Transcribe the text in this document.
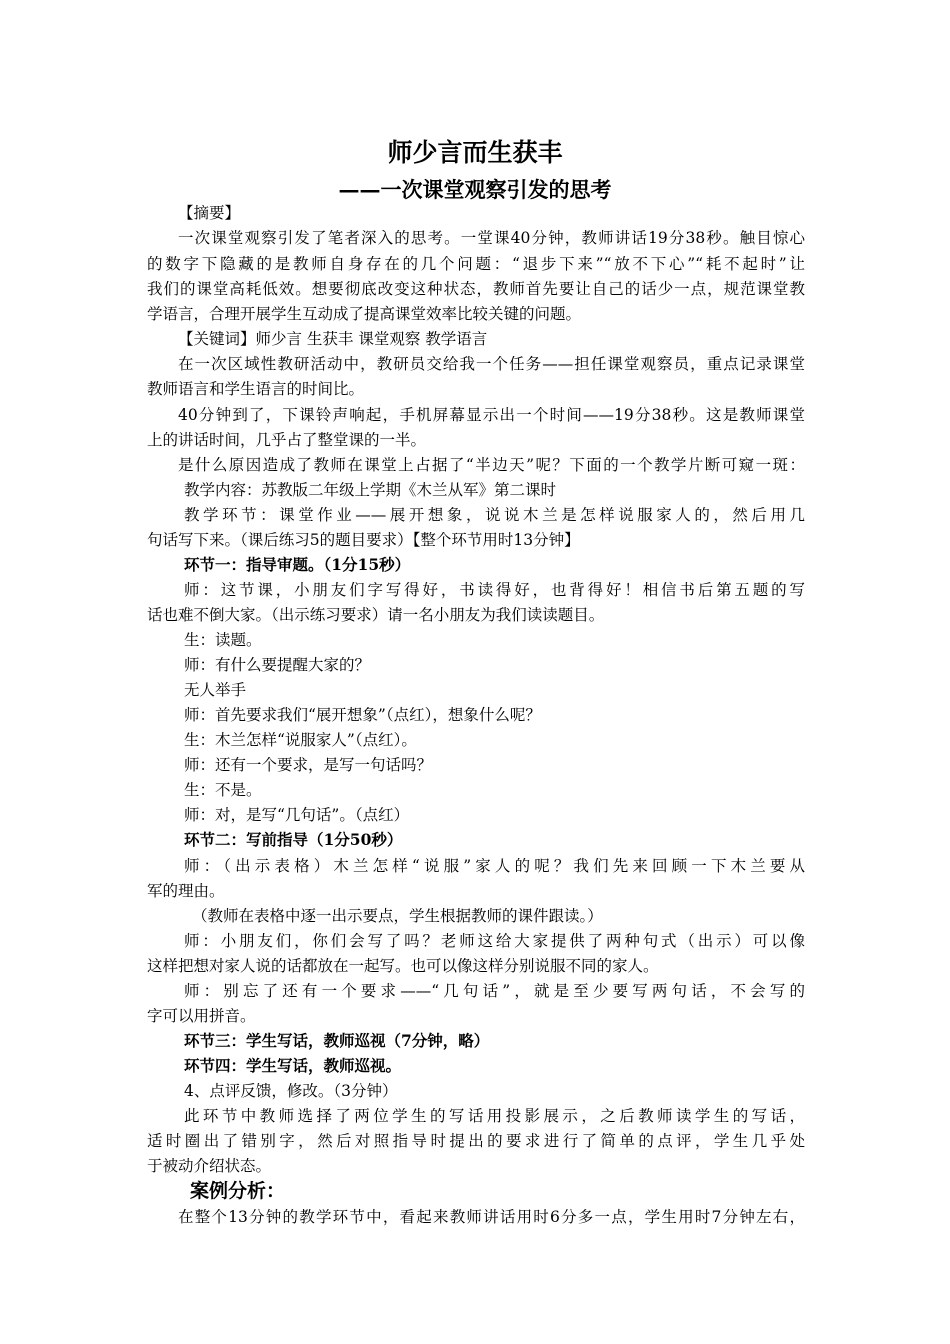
师少言而生获丰
——一次课堂观察引发的思考
【摘要】
一次课堂观察引发了笔者深入的思考。一堂课40分钟，教师讲话19分38秒。触目惊心
的数字下隐藏的是教师自身存在的几个问题：“退步下来”“放不下心”“耗不起时”让
我们的课堂高耗低效。想要彻底改变这种状态，教师首先要让自己的话少一点，规范课堂教
学语言，合理开展学生互动成了提高课堂效率比较关键的问题。
【关键词】师少言 生获丰 课堂观察 教学语言
在一次区域性教研活动中，教研员交给我一个任务——担任课堂观察员，重点记录课堂
教师语言和学生语言的时间比。
40分钟到了，下课铃声响起，手机屏幕显示出一个时间——19分38秒。这是教师课堂
上的讲话时间，几乎占了整堂课的一半。
是什么原因造成了教师在课堂上占据了“半边天”呢？下面的一个教学片断可窥一斑：
教学内容：苏教版二年级上学期《木兰从军》第二课时
教学环节：课堂作业——展开想象，说说木兰是怎样说服家人的，然后用几
句话写下来。（课后练习5的题目要求）【整个环节用时13分钟】
环节一：指导审题。（1分15秒）
师：这节课，小朋友们字写得好，书读得好，也背得好！相信书后第五题的写
话也难不倒大家。（出示练习要求）请一名小朋友为我们读读题目。
生：读题。
师：有什么要提醒大家的？
无人举手
师：首先要求我们“展开想象”（点红），想象什么呢？
生：木兰怎样“说服家人”（点红）。
师：还有一个要求，是写一句话吗？
生：不是。
师：对，是写“几句话”。（点红）
环节二：写前指导（1分50秒）
师：（出示表格）木兰怎样“说服”家人的呢？我们先来回顾一下木兰要从
军的理由。
（教师在表格中逐一出示要点，学生根据教师的课件跟读。）
师：小朋友们，你们会写了吗？老师这给大家提供了两种句式（出示）可以像
这样把想对家人说的话都放在一起写。也可以像这样分别说服不同的家人。
师：别忘了还有一个要求——“几句话”，就是至少要写两句话，不会写的
字可以用拼音。
环节三：学生写话，教师巡视（7分钟，略）
环节四：学生写话，教师巡视。
4、点评反馈，修改。（3分钟）
此环节中教师选择了两位学生的写话用投影展示，之后教师读学生的写话，
适时圈出了错别字，然后对照指导时提出的要求进行了简单的点评，学生几乎处
于被动介绍状态。
案例分析：
在整个13分钟的教学环节中，看起来教师讲话用时6分多一点，学生用时7分钟左右，
